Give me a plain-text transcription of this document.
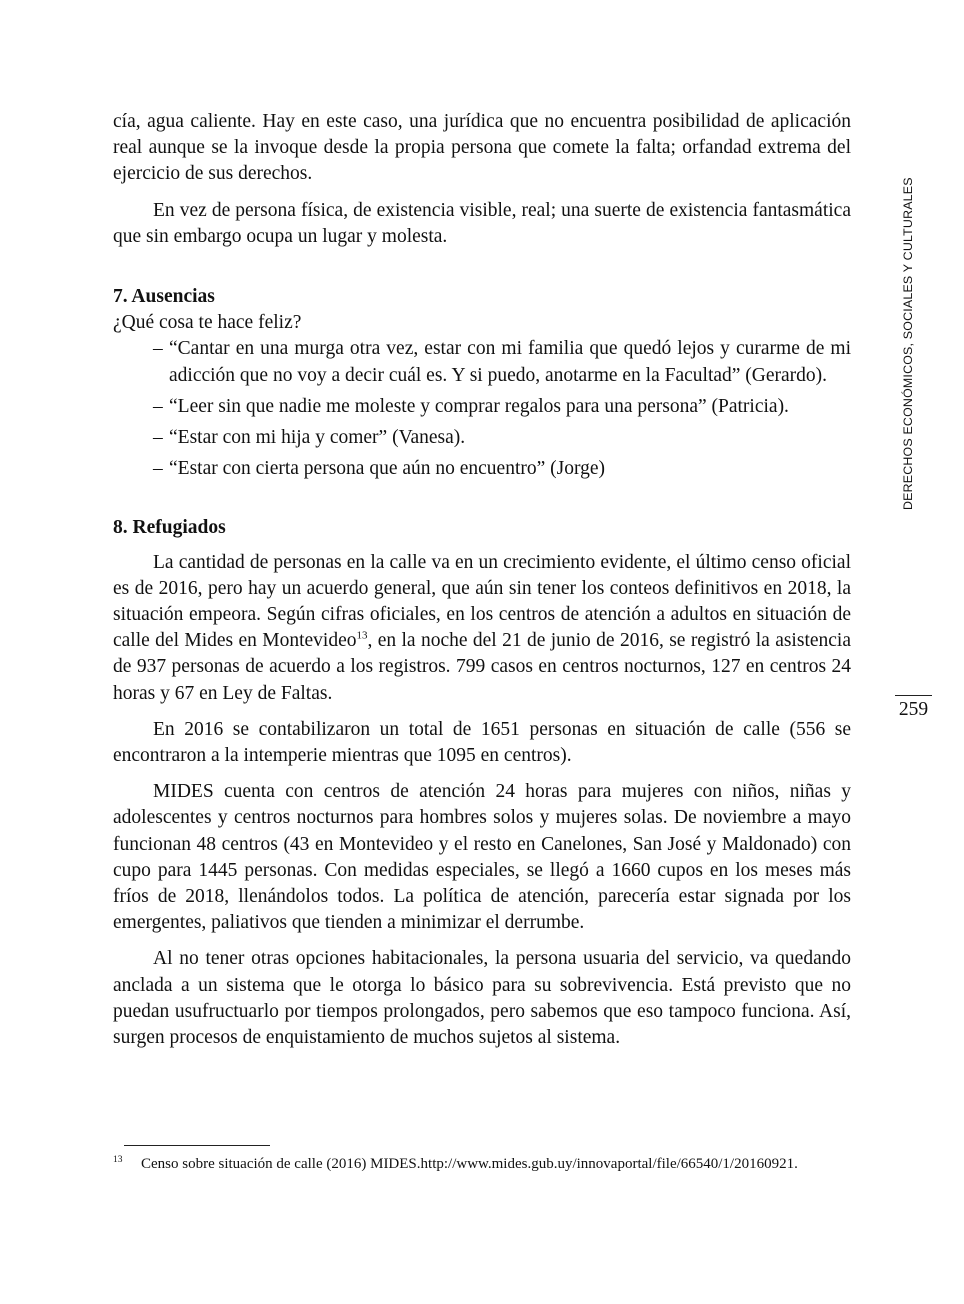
cía, agua caliente. Hay en este caso, una jurídica que no encuentra posibilidad de aplicación real aunque se la invoque desde la propia persona que comete la falta; orfandad extrema del ejercicio de sus derechos.

En vez de persona física, de existencia visible, real; una suerte de existencia fantasmática que sin embargo ocupa un lugar y molesta.

7. Ausencias

¿Qué cosa te hace feliz?

– “Cantar en una murga otra vez, estar con mi familia que quedó lejos y curarme de mi adicción que no voy a decir cuál es. Y si puedo, anotarme en la Facultad” (Gerardo).
– “Leer sin que nadie me moleste y comprar regalos para una persona” (Patricia).
– “Estar con mi hija y comer” (Vanesa).
– “Estar con cierta persona que aún no encuentro” (Jorge)
8. Refugiados

La cantidad de personas en la calle va en un crecimiento evidente, el último censo oficial es de 2016, pero hay un acuerdo general, que aún sin tener los conteos definitivos en 2018, la situación empeora. Según cifras oficiales, en los centros de atención a adultos en situación de calle del Mides en Montevideo$^{13}$, en la noche del 21 de junio de 2016, se registró la asistencia de 937 personas de acuerdo a los registros. 799 casos en centros nocturnos, 127 en centros 24 horas y 67 en Ley de Faltas.

En 2016 se contabilizaron un total de 1651 personas en situación de calle (556 se encontraron a la intemperie mientras que 1095 en centros).

MIDES cuenta con centros de atención 24 horas para mujeres con niños, niñas y adolescentes y centros nocturnos para hombres solos y mujeres solas. De noviembre a mayo funcionan 48 centros (43 en Montevideo y el resto en Canelones, San José y Maldonado) con cupo para 1445 personas. Con medidas especiales, se llegó a 1660 cupos en los meses más fríos de 2018, llenándolos todos. La política de atención, parecería estar signada por los emergentes, paliativos que tienden a minimizar el derrumbe.

Al no tener otras opciones habitacionales, la persona usuaria del servicio, va quedando anclada a un sistema que le otorga lo básico para su sobrevivencia. Está previsto que no puedan usufructuarlo por tiempos prolongados, pero sabemos que eso tampoco funciona. Así, surgen procesos de enquistamiento de muchos sujetos al sistema.

DERECHOS ECONÓMICOS, SOCIALES Y CULTURALES
259
13 Censo sobre situación de calle (2016) MIDES.http://www.mides.gub.uy/innovaportal/file/66540/1/20160921.
